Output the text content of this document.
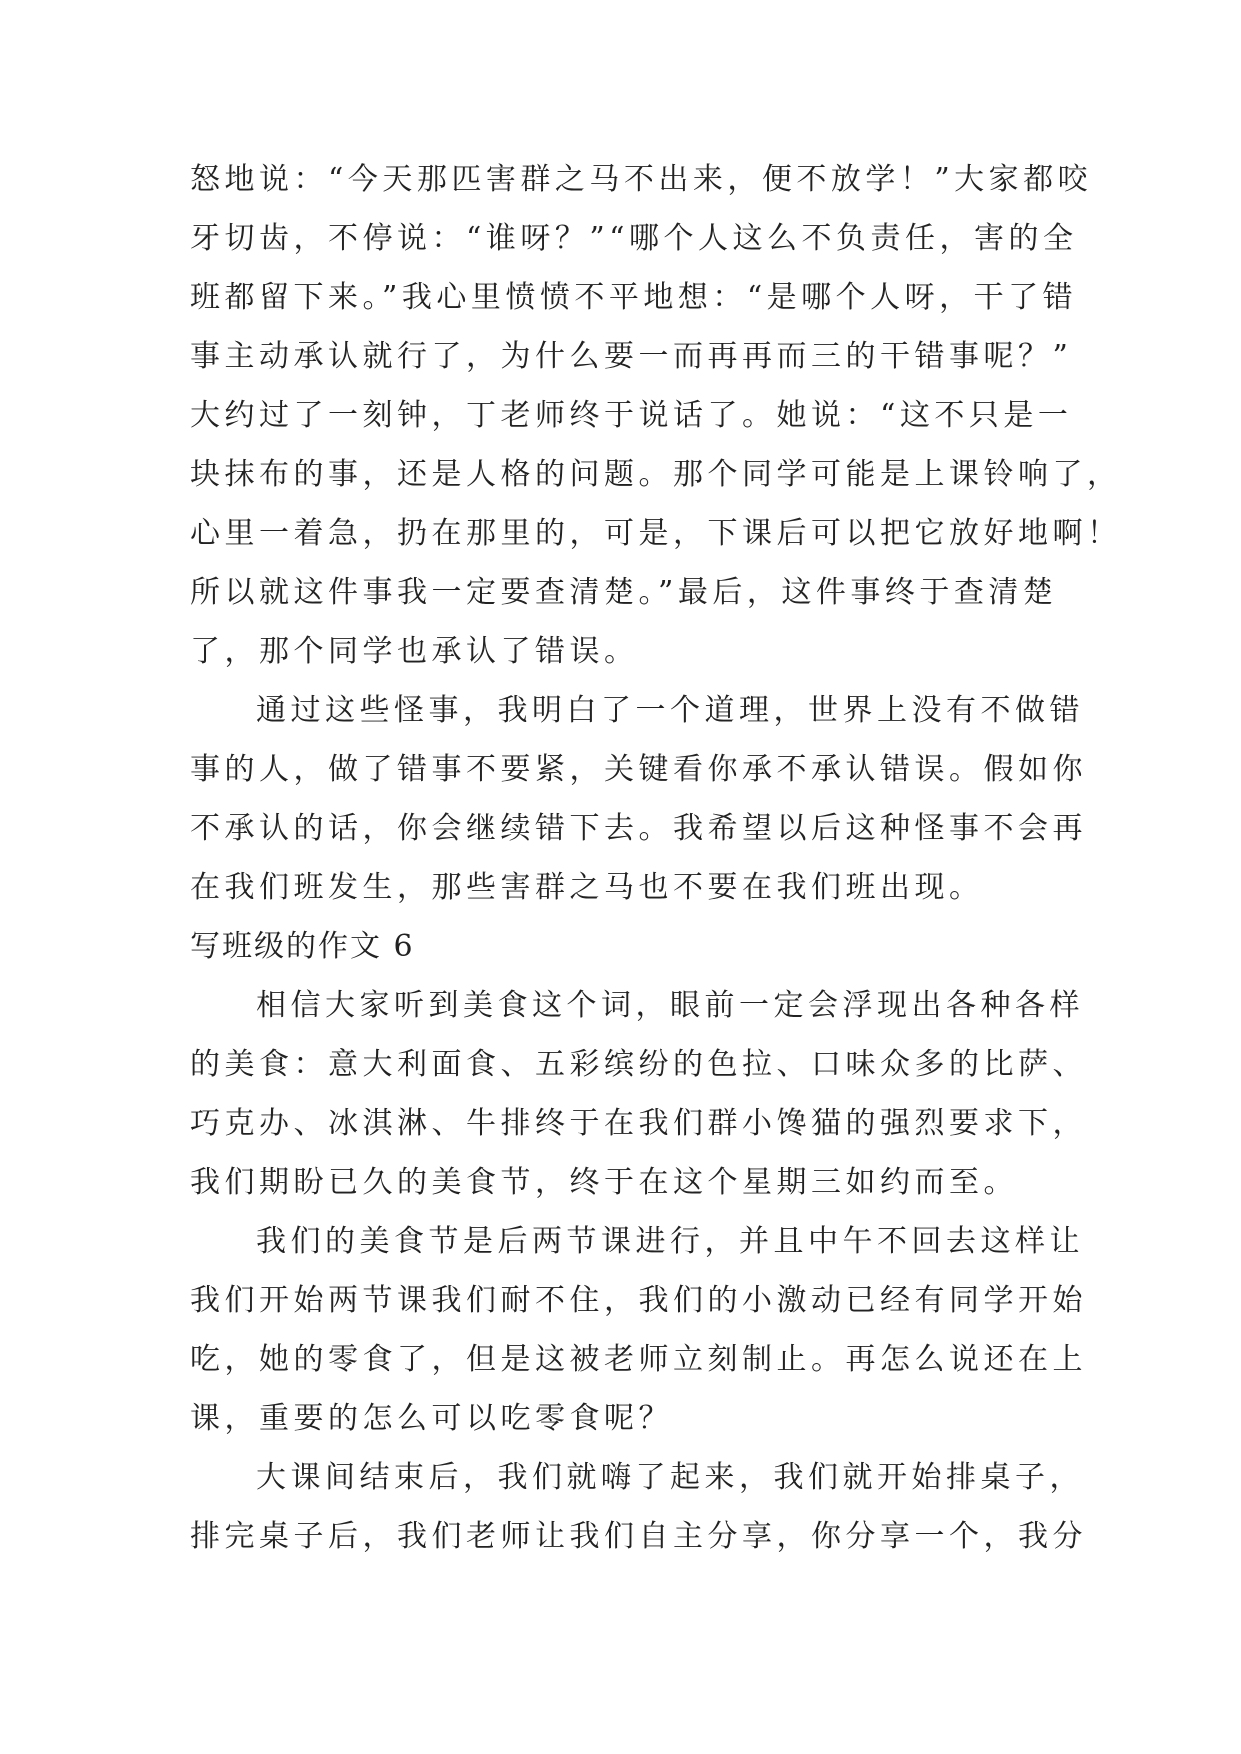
怒地说：“今天那匹害群之马不出来，便不放学！”大家都咬
牙切齿，不停说：“谁呀？”“哪个人这么不负责任，害的全
班都留下来。”我心里愤愤不平地想：“是哪个人呀，干了错
事主动承认就行了，为什么要一而再再而三的干错事呢？”
大约过了一刻钟，丁老师终于说话了。她说：“这不只是一
块抹布的事，还是人格的问题。那个同学可能是上课铃响了，
心里一着急，扔在那里的，可是，下课后可以把它放好地啊！
所以就这件事我一定要查清楚。”最后，这件事终于查清楚
了，那个同学也承认了错误。
通过这些怪事，我明白了一个道理，世界上没有不做错
事的人，做了错事不要紧，关键看你承不承认错误。假如你
不承认的话，你会继续错下去。我希望以后这种怪事不会再
在我们班发生，那些害群之马也不要在我们班出现。
写班级的作文 6
相信大家听到美食这个词，眼前一定会浮现出各种各样
的美食：意大利面食、五彩缤纷的色拉、口味众多的比萨、
巧克办、冰淇淋、牛排终于在我们群小馋猫的强烈要求下，
我们期盼已久的美食节，终于在这个星期三如约而至。
我们的美食节是后两节课进行，并且中午不回去这样让
我们开始两节课我们耐不住，我们的小激动已经有同学开始
吃，她的零食了，但是这被老师立刻制止。再怎么说还在上
课，重要的怎么可以吃零食呢？
大课间结束后，我们就嗨了起来，我们就开始排桌子，
排完桌子后，我们老师让我们自主分享，你分享一个，我分
